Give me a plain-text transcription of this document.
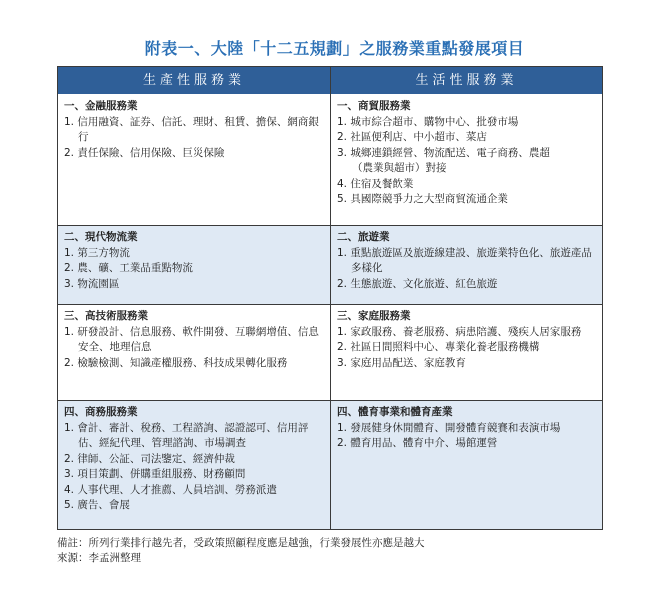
附表一、大陸「十二五規劃」之服務業重點發展項目
生產性服務業	生活性服務業
一、金融服務業
1. 信用融資、証券、信託、理財、租賃、擔保、網商銀行
2. 責任保險、信用保險、巨災保險
一、商貿服務業
1. 城市綜合超市、購物中心、批發市場
2. 社區便利店、中小超市、菜店
3. 城鄉連鎖經營、物流配送、電子商務、農超
（農業與超市）對接
4. 住宿及餐飲業
5. 具國際競爭力之大型商貿流通企業
二、現代物流業
1. 第三方物流
2. 農、礦、工業品重點物流
3. 物流園區
二、旅遊業
1. 重點旅遊區及旅遊線建設、旅遊業特色化、旅遊產品多樣化
2. 生態旅遊、文化旅遊、紅色旅遊
三、高技術服務業
1. 研發設計、信息服務、軟件開發、互聯網增值、信息安全、地理信息
2. 檢驗檢測、知識產權服務、科技成果轉化服務
三、家庭服務業
1. 家政服務、養老服務、病患陪護、殘疾人居家服務
2. 社區日間照料中心、專業化養老服務機構
3. 家庭用品配送、家庭教育
四、商務服務業
1. 會計、審計、稅務、工程諮詢、認證認可、信用評估、經紀代理、管理諮詢、市場調查
2. 律師、公証、司法鑒定、經濟仲裁
3. 項目策劃、併購重組服務、財務顧問
4. 人事代理、人才推薦、人員培訓、勞務派遣
5. 廣告、會展
四、體育事業和體育產業
1. 發展健身休閒體育、開發體育競賽和表演市場
2. 體育用品、體育中介、場館運營
備註：所列行業排行越先者，受政策照顧程度應是越強，行業發展性亦應是越大
來源：李孟洲整理
